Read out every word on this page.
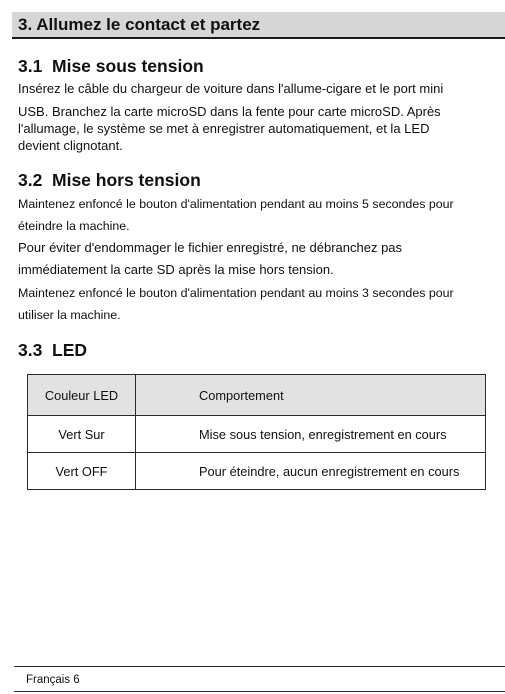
3. Allumez le contact et partez
3.1 Mise sous tension
Insérez le câble du chargeur de voiture dans l'allume-cigare et le port mini
USB. Branchez la carte microSD dans la fente pour carte microSD. Après
l'allumage, le système se met à enregistrer automatiquement, et la LED
devient clignotant.
3.2 Mise hors tension
Maintenez enfoncé le bouton d'alimentation pendant au moins 5 secondes pour
éteindre la machine.
Pour éviter d'endommager le fichier enregistré, ne débranchez pas
immédiatement la carte SD après la mise hors tension.
Maintenez enfoncé le bouton d'alimentation pendant au moins 3 secondes pour
utiliser la machine.
3.3 LED
Couleur LED	Comportement
Vert Sur	Mise sous tension, enregistrement en cours
Vert OFF	Pour éteindre, aucun enregistrement en cours
Français 6
